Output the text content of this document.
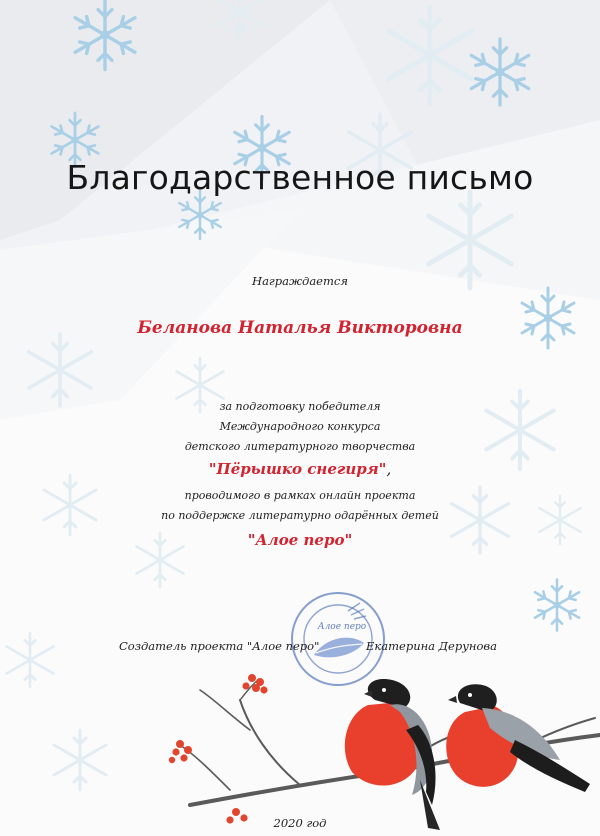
Благодарственное письмо
Награждается
Беланова Наталья Викторовна
за подготовку победителя
Международного конкурса
детского литературного творчества
"Пёрышко снегиря",
проводимого в рамках онлайн проекта
по поддержке литературно одарённых детей
"Алое перо"
Алое перо
Создатель проекта "Алое перо"	Екатерина Дерунова
2020 год
